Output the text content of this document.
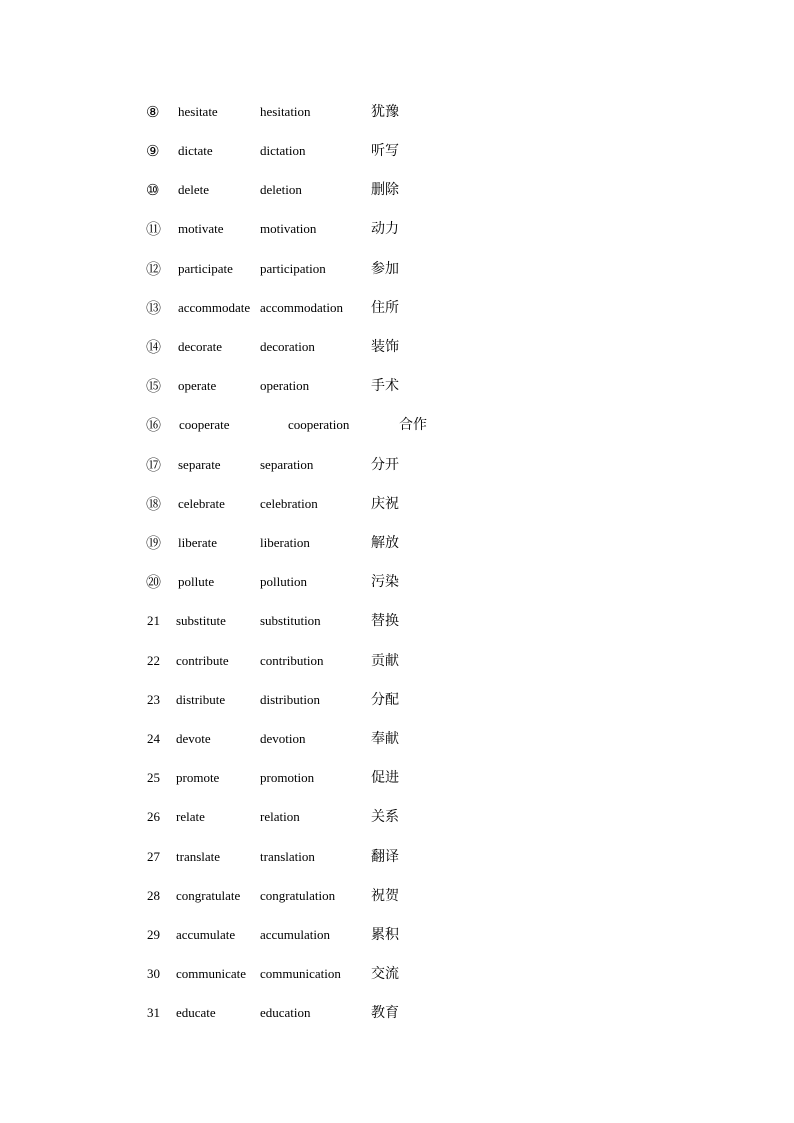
⑧ hesitate	hesitation	犹豫
⑨ dictate	dictation	听写
⑩ delete	deletion	删除
⑪ motivate	motivation	动力
⑫ participate participation	参加
⑬ accommodate accommodation 住所
⑭ decorate	decoration	装饰
⑮ operate	operation	手术
⑯ cooperate	cooperation	合作
⑰ separate	separation	分开
⑱ celebrate	celebration	庆祝
⑲ liberate	liberation	解放
⑳ pollute	pollution	污染
21 substitute	substitution	替换
22 contribute contribution	贡献
23 distribute	distribution	分配
24 devote	devotion	奉献
25 promote	promotion	促进
26 relate	relation	关系
27 translate	translation	翻译
28 congratulate congratulation	祝贺
29 accumulate accumulation	累积
30 communicate communication 交流
31 educate	education	教育
